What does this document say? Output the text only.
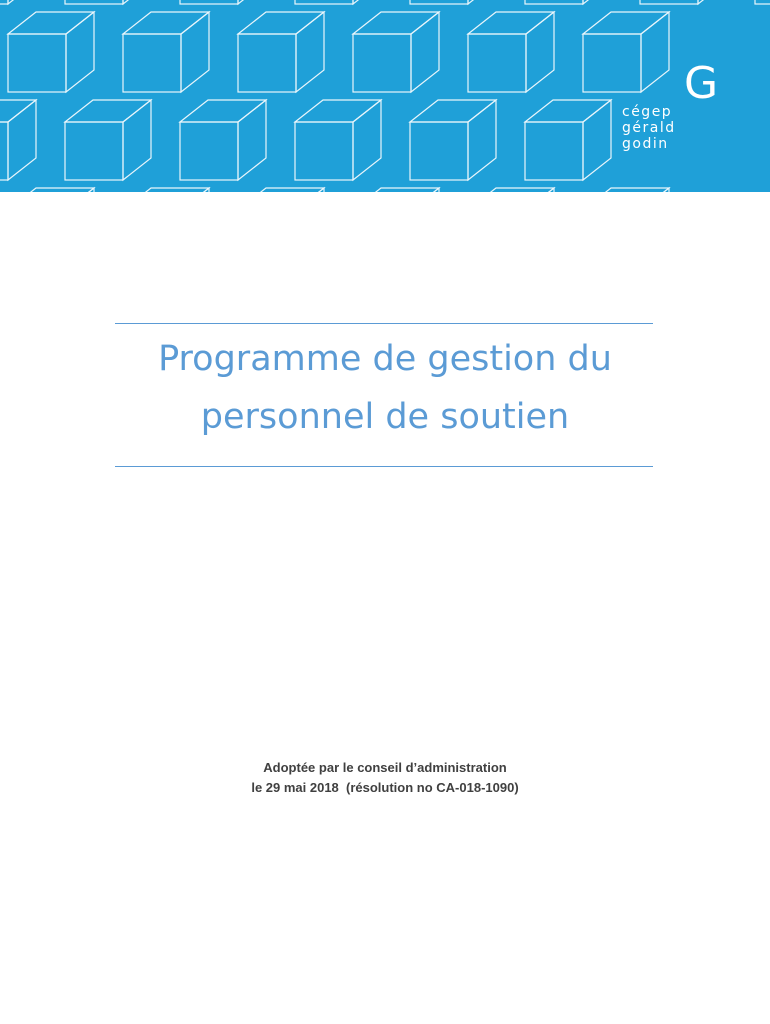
G
cégep
gérald
godin
Programme de gestion du
personnel de soutien
Adoptée par le conseil d’administration
le 29 mai 2018  (résolution no CA-018-1090)
